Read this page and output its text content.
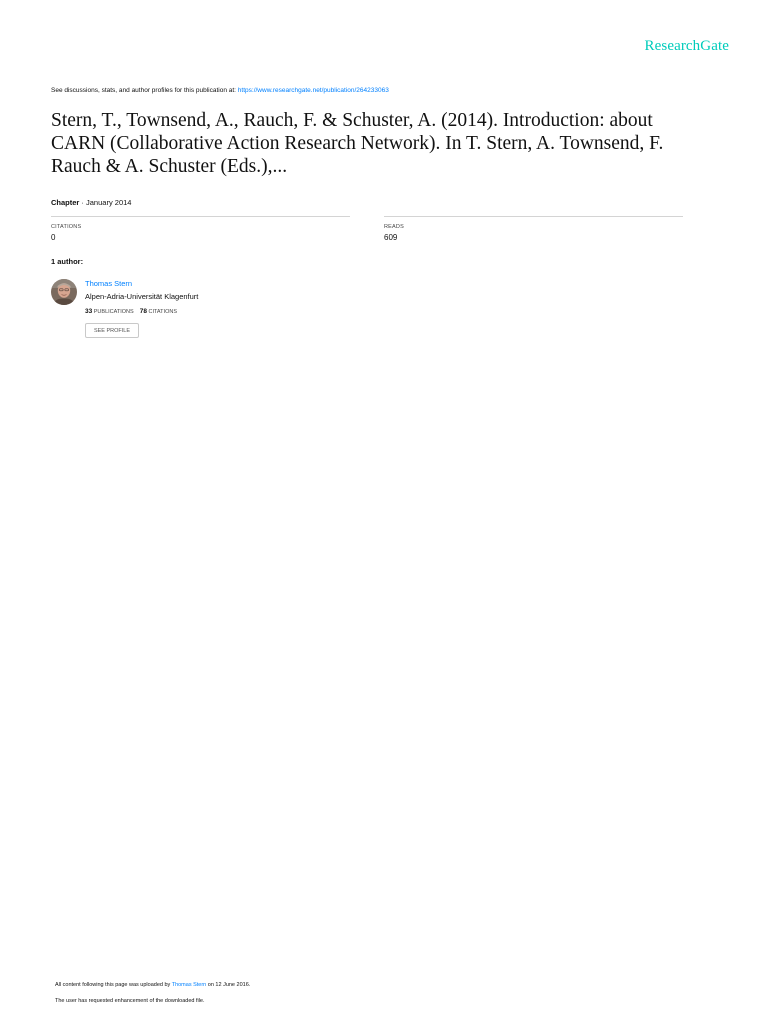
ResearchGate
See discussions, stats, and author profiles for this publication at: https://www.researchgate.net/publication/264233063
Stern, T., Townsend, A., Rauch, F. & Schuster, A. (2014). Introduction: about CARN (Collaborative Action Research Network). In T. Stern, A. Townsend, F. Rauch & A. Schuster (Eds.),...
Chapter · January 2014
CITATIONS
0
READS
609
1 author:
Thomas Stern
Alpen-Adria-Universität Klagenfurt
33 PUBLICATIONS 78 CITATIONS
SEE PROFILE
All content following this page was uploaded by Thomas Stern on 12 June 2016.
The user has requested enhancement of the downloaded file.
